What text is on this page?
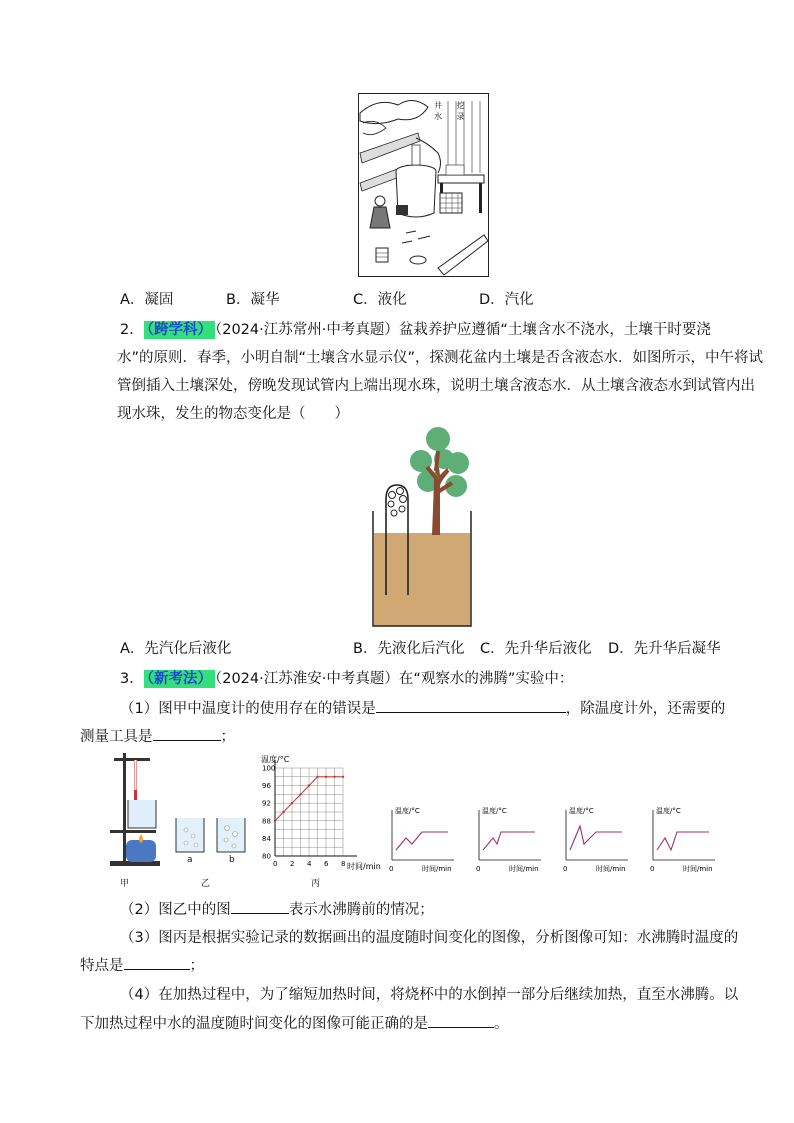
井 挖 水 录
A．凝固	B．凝华	C．液化	D．汽化
2． （跨学科） （2024·江苏常州·中考真题）盆栽养护应遵循“土壤含水不浇水，土壤干时要浇
水”的原则．春季，小明自制“土壤含水显示仪”，探测花盆内土壤是否含液态水．如图所示，中午将试
管倒插入土壤深处，傍晚发现试管内上端出现水珠，说明土壤含液态水．从土壤含液态水到试管内出
现水珠，发生的物态变化是（　　）
A．先汽化后液化	B．先液化后汽化 C．先升华后液化 D．先升华后凝华
3． （新考法） （2024·江苏淮安·中考真题）在“观察水的沸腾”实验中：
（1）图甲中温度计的使用存在的错误是	，除温度计外，还需要的
测量工具是	；
a	b
甲	乙	丙
0 2 4 6 8
80
84
88
92
96
100
温度/°C
时间/min
温度/°C
时间/min
0
温度/°C
时间/min
0
温度/°C
时间/min
0
温度/°C
时间/min
0
（2）图乙中的图	表示水沸腾前的情况；
（3）图丙是根据实验记录的数据画出的温度随时间变化的图像，分析图像可知：水沸腾时温度的
特点是	；
（4）在加热过程中，为了缩短加热时间，将烧杯中的水倒掉一部分后继续加热，直至水沸腾。以
下加热过程中水的温度随时间变化的图像可能正确的是	。
